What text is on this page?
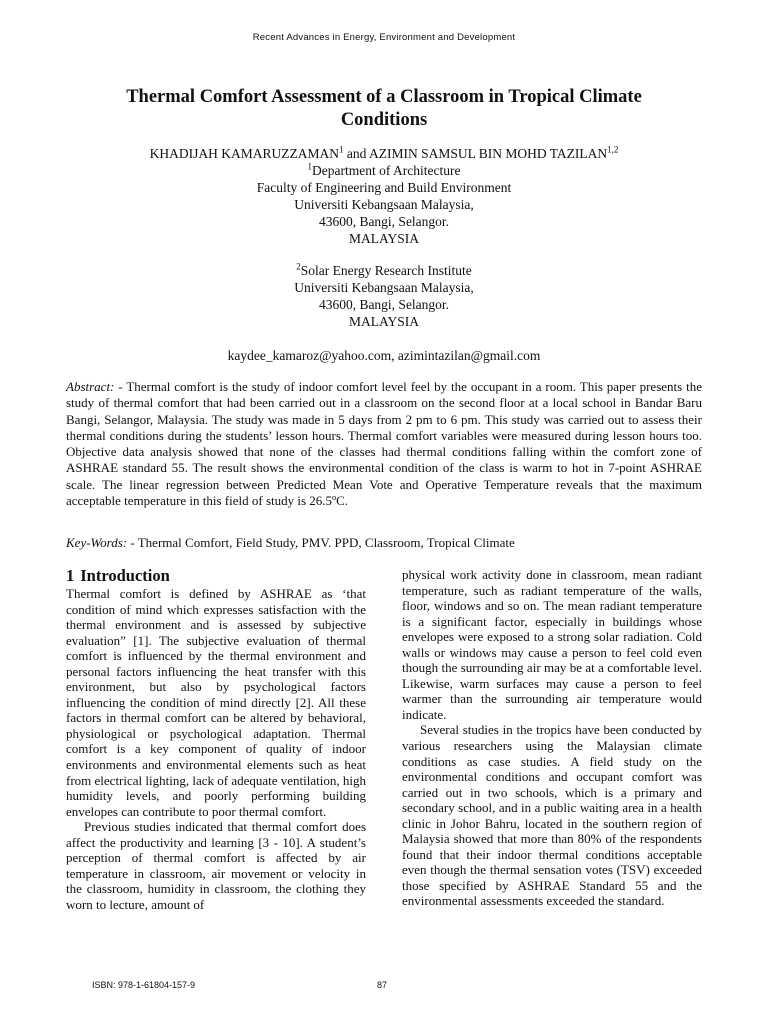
Recent Advances in Energy, Environment and Development
Thermal Comfort Assessment of a Classroom in Tropical Climate
Conditions
KHADIJAH KAMARUZZAMAN$^1$ and AZIMIN SAMSUL BIN MOHD TAZILAN$^{1,2}$

$^1$Department of Architecture

Faculty of Engineering and Build Environment

Universiti Kebangsaan Malaysia,

43600, Bangi, Selangor.

MALAYSIA

$^2$Solar Energy Research Institute

Universiti Kebangsaan Malaysia,

43600, Bangi, Selangor.

MALAYSIA

kaydee_kamaroz@yahoo.com, azimintazilan@gmail.com
Abstract: - Thermal comfort is the study of indoor comfort level feel by the occupant in a room. This paper presents the study of thermal comfort that had been carried out in a classroom on the second floor at a local school in Bandar Baru Bangi, Selangor, Malaysia. The study was made in 5 days from 2 pm to 6 pm. This study was carried out to assess their thermal conditions during the students’ lesson hours. Thermal comfort variables were measured during lesson hours too. Objective data analysis showed that none of the classes had thermal conditions falling within the comfort zone of ASHRAE standard 55. The result shows the environmental condition of the class is warm to hot in 7-point ASHRAE scale. The linear regression between Predicted Mean Vote and Operative Temperature reveals that the maximum acceptable temperature in this field of study is 26.5ºC.
Key-Words: - Thermal Comfort, Field Study, PMV. PPD, Classroom, Tropical Climate
1 Introduction

Thermal comfort is defined by ASHRAE as ‘that condition of mind which expresses satisfaction with the thermal environment and is assessed by subjective evaluation” [1]. The subjective evaluation of thermal comfort is influenced by the thermal environment and personal factors influencing the heat transfer with this environment, but also by psychological factors influencing the condition of mind directly [2]. All these factors in thermal comfort can be altered by behavioral, physiological or psychological adaptation. Thermal comfort is a key component of quality of indoor environments and environmental elements such as heat from electrical lighting, lack of adequate ventilation, high humidity levels, and poorly performing building envelopes can contribute to poor thermal comfort.

Previous studies indicated that thermal comfort does affect the productivity and learning [3 - 10]. A student’s perception of thermal comfort is affected by air temperature in classroom, air movement or velocity in the classroom, humidity in classroom, the clothing they worn to lecture, amount of

physical work activity done in classroom, mean radiant temperature, such as radiant temperature of the walls, floor, windows and so on. The mean radiant temperature is a significant factor, especially in buildings whose envelopes were exposed to a strong solar radiation. Cold walls or windows may cause a person to feel cold even though the surrounding air may be at a comfortable level. Likewise, warm surfaces may cause a person to feel warmer than the surrounding air temperature would indicate.

Several studies in the tropics have been conducted by various researchers using the Malaysian climate conditions as case studies. A field study on the environmental conditions and occupant comfort was carried out in two schools, which is a primary and secondary school, and in a public waiting area in a health clinic in Johor Bahru, located in the southern region of Malaysia showed that more than 80% of the respondents found that their indoor thermal conditions acceptable even though the thermal sensation votes (TSV) exceeded those specified by ASHRAE Standard 55 and the environmental assessments exceeded the standard.

ISBN: 978-1-61804-157-9	87
